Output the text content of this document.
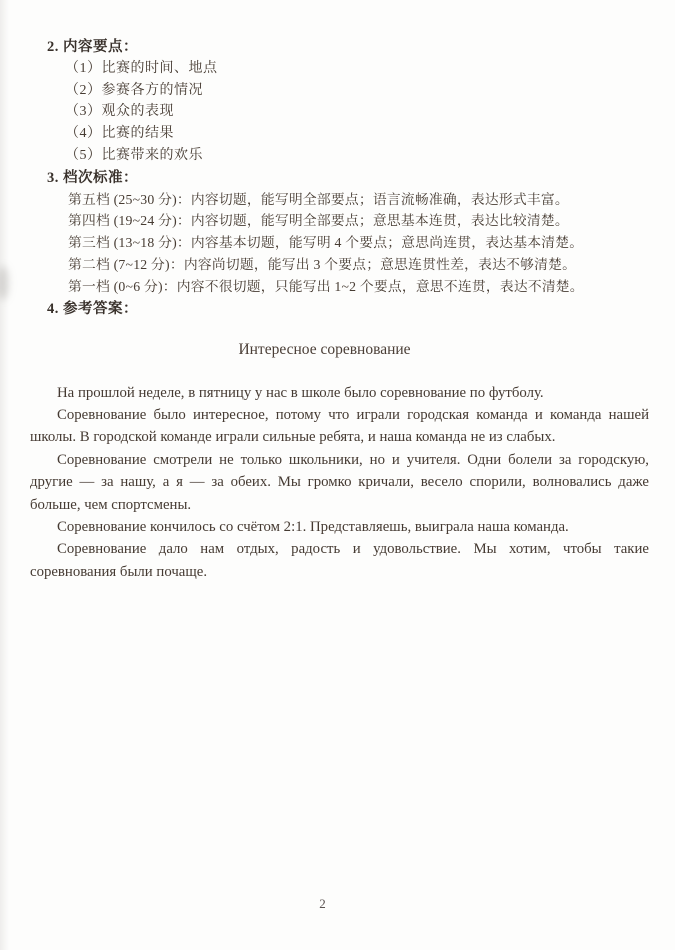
2. 内容要点：
（1）比赛的时间、地点
（2）参赛各方的情况
（3）观众的表现
（4）比赛的结果
（5）比赛带来的欢乐
3. 档次标准：
第五档 (25~30 分)：内容切题，能写明全部要点；语言流畅准确，表达形式丰富。
第四档 (19~24 分)：内容切题，能写明全部要点；意思基本连贯，表达比较清楚。
第三档 (13~18 分)：内容基本切题，能写明 4 个要点；意思尚连贯，表达基本清楚。
第二档 (7~12 分)：内容尚切题，能写出 3 个要点；意思连贯性差，表达不够清楚。
第一档 (0~6 分)：内容不很切题，只能写出 1~2 个要点，意思不连贯，表达不清楚。
4. 参考答案：
Интересное соревнование

На прошлой неделе, в пятницу у нас в школе было соревнование по футболу.

Соревнование было интересное, потому что играли городская команда и команда нашей школы. В городской команде играли сильные ребята, и наша команда не из слабых.

Соревнование смотрели не только школьники, но и учителя. Одни болели за городскую, другие — за нашу, а я — за обеих. Мы громко кричали, весело спорили, волновались даже больше, чем спортсмены.

Соревнование кончилось со счётом 2:1. Представляешь, выиграла наша команда.

Соревнование дало нам отдых, радость и удовольствие. Мы хотим, чтобы такие соревнования были почаще.

2
